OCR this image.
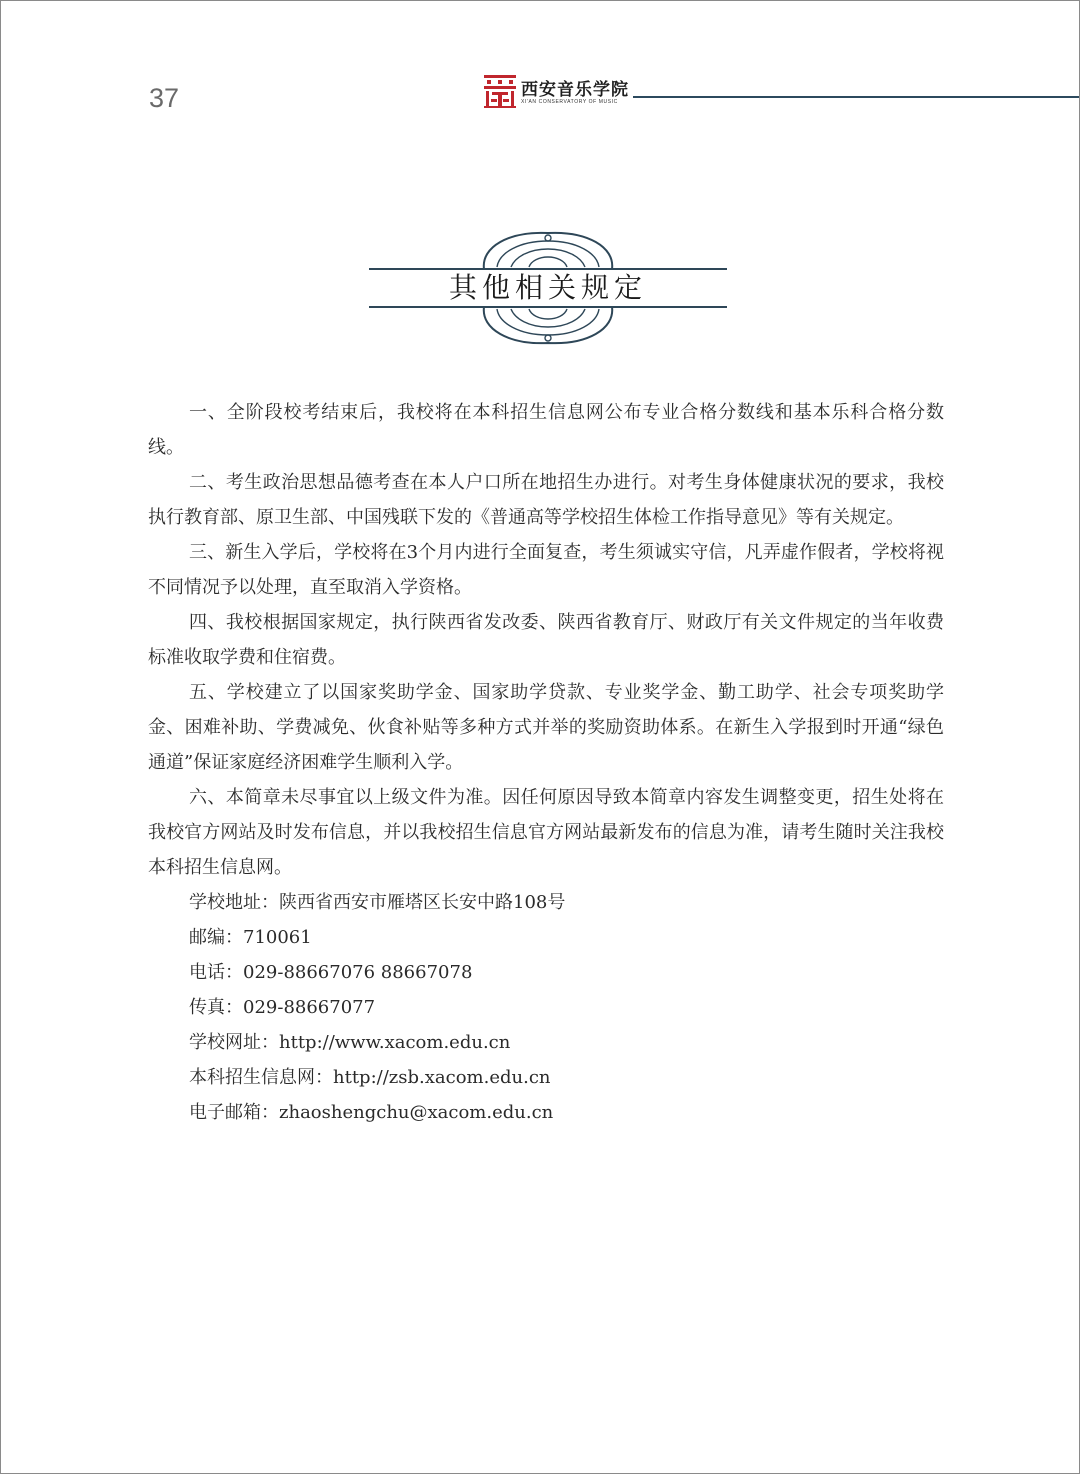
37	西安音乐学院
XI'AN CONSERVATORY OF MUSIC
其他相关规定

一、全阶段校考结束后，我校将在本科招生信息网公布专业合格分数线和基本乐科合格分数线。

二、考生政治思想品德考查在本人户口所在地招生办进行。对考生身体健康状况的要求，我校执行教育部、原卫生部、中国残联下发的《普通高等学校招生体检工作指导意见》等有关规定。

三、新生入学后，学校将在3个月内进行全面复查，考生须诚实守信，凡弄虚作假者，学校将视不同情况予以处理，直至取消入学资格。

四、我校根据国家规定，执行陕西省发改委、陕西省教育厅、财政厅有关文件规定的当年收费标准收取学费和住宿费。

五、学校建立了以国家奖助学金、国家助学贷款、专业奖学金、勤工助学、社会专项奖助学金、困难补助、学费减免、伙食补贴等多种方式并举的奖励资助体系。在新生入学报到时开通“绿色通道”保证家庭经济困难学生顺利入学。

六、本简章未尽事宜以上级文件为准。因任何原因导致本简章内容发生调整变更，招生处将在我校官方网站及时发布信息，并以我校招生信息官方网站最新发布的信息为准，请考生随时关注我校本科招生信息网。

学校地址：陕西省西安市雁塔区长安中路108号

邮编：710061

电话：029-88667076 88667078

传真：029-88667077

学校网址：http://www.xacom.edu.cn

本科招生信息网：http://zsb.xacom.edu.cn

电子邮箱：zhaoshengchu@xacom.edu.cn
